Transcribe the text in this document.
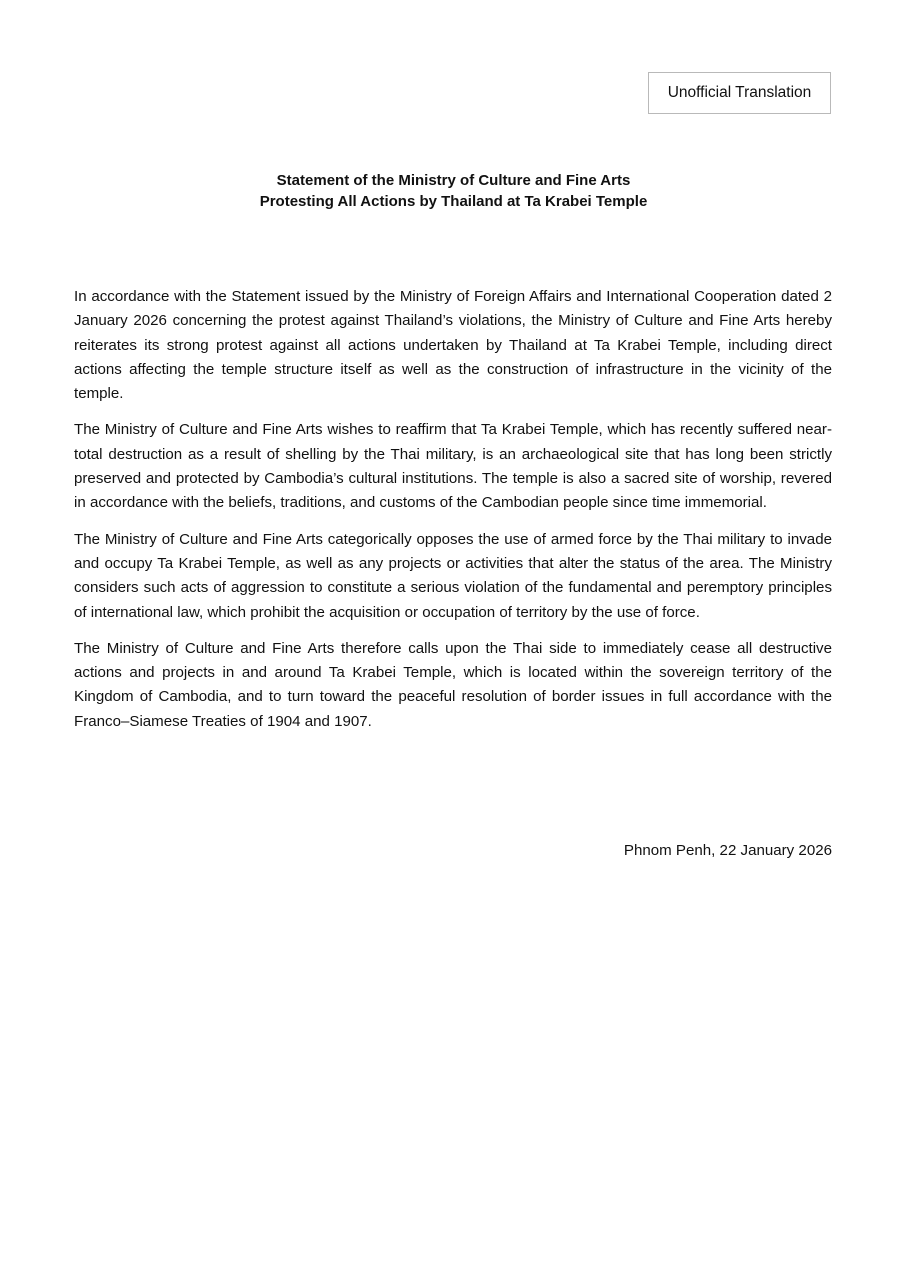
Unofficial Translation
Statement of the Ministry of Culture and Fine Arts
Protesting All Actions by Thailand at Ta Krabei Temple

In accordance with the Statement issued by the Ministry of Foreign Affairs and International Cooperation dated 2 January 2026 concerning the protest against Thailand’s violations, the Ministry of Culture and Fine Arts hereby reiterates its strong protest against all actions undertaken by Thailand at Ta Krabei Temple, including direct actions affecting the temple structure itself as well as the construction of infrastructure in the vicinity of the temple.

The Ministry of Culture and Fine Arts wishes to reaffirm that Ta Krabei Temple, which has recently suffered near-total destruction as a result of shelling by the Thai military, is an archaeological site that has long been strictly preserved and protected by Cambodia’s cultural institutions. The temple is also a sacred site of worship, revered in accordance with the beliefs, traditions, and customs of the Cambodian people since time immemorial.

The Ministry of Culture and Fine Arts categorically opposes the use of armed force by the Thai military to invade and occupy Ta Krabei Temple, as well as any projects or activities that alter the status of the area. The Ministry considers such acts of aggression to constitute a serious violation of the fundamental and peremptory principles of international law, which prohibit the acquisition or occupation of territory by the use of force.

The Ministry of Culture and Fine Arts therefore calls upon the Thai side to immediately cease all destructive actions and projects in and around Ta Krabei Temple, which is located within the sovereign territory of the Kingdom of Cambodia, and to turn toward the peaceful resolution of border issues in full accordance with the Franco–Siamese Treaties of 1904 and 1907.

Phnom Penh, 22 January 2026
